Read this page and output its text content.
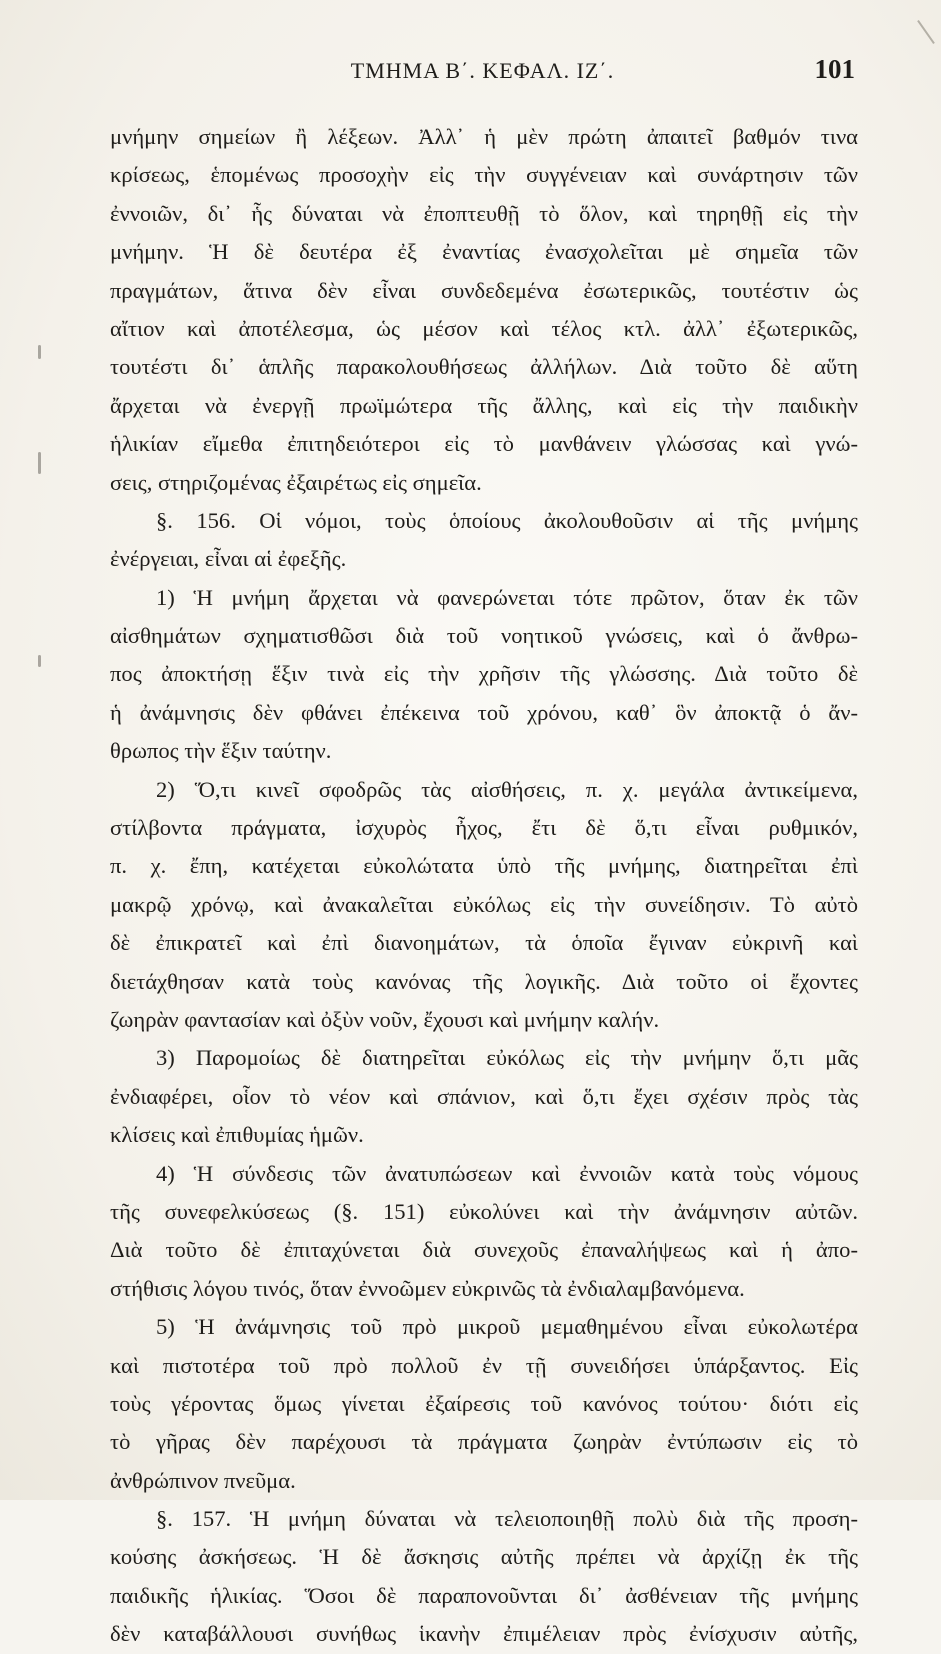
ΤΜΗΜΑ Β΄. ΚΕΦΑΛ. ΙΖ΄.	101
μνήμην σημείων ἢ λέξεων. Ἀλλ᾽ ἡ μὲν πρώτη ἀπαιτεῖ βαθμόν τινα
κρίσεως, ἑπομένως προσοχὴν εἰς τὴν συγγένειαν καὶ συνάρτησιν τῶν
ἐννοιῶν, δι᾽ ἧς δύναται νὰ ἐποπτευθῇ τὸ ὅλον, καὶ τηρηθῇ εἰς τὴν
μνήμην. Ἡ δὲ δευτέρα ἐξ ἐναντίας ἐνασχολεῖται μὲ σημεῖα τῶν
πραγμάτων, ἅτινα δὲν εἶναι συνδεδεμένα ἐσωτερικῶς, τουτέστιν ὡς
αἴτιον καὶ ἀποτέλεσμα, ὡς μέσον καὶ τέλος κτλ. ἀλλ᾽ ἐξωτερικῶς,
τουτέστι δι᾽ ἁπλῆς παρακολουθήσεως ἀλλήλων. Διὰ τοῦτο δὲ αὕτη
ἄρχεται νὰ ἐνεργῇ πρωϊμώτερα τῆς ἄλλης, καὶ εἰς τὴν παιδικὴν
ἡλικίαν εἴμεθα ἐπιτηδειότεροι εἰς τὸ μανθάνειν γλώσσας καὶ γνώ-
σεις, στηριζομένας ἐξαιρέτως εἰς σημεῖα.
§. 156. Οἱ νόμοι, τοὺς ὁποίους ἀκολουθοῦσιν αἱ τῆς μνήμης
ἐνέργειαι, εἶναι αἱ ἐφεξῆς.
1) Ἡ μνήμη ἄρχεται νὰ φανερώνεται τότε πρῶτον, ὅταν ἐκ τῶν
αἰσθημάτων σχηματισθῶσι διὰ τοῦ νοητικοῦ γνώσεις, καὶ ὁ ἄνθρω-
πος ἀποκτήσῃ ἕξιν τινὰ εἰς τὴν χρῆσιν τῆς γλώσσης. Διὰ τοῦτο δὲ
ἡ ἀνάμνησις δὲν φθάνει ἐπέκεινα τοῦ χρόνου, καθ᾽ ὃν ἀποκτᾷ ὁ ἄν-
θρωπος τὴν ἕξιν ταύτην.
2) Ὅ,τι κινεῖ σφοδρῶς τὰς αἰσθήσεις, π. χ. μεγάλα ἀντικείμενα,
στίλβοντα πράγματα, ἰσχυρὸς ἦχος, ἔτι δὲ ὅ,τι εἶναι ρυθμικόν,
π. χ. ἔπη, κατέχεται εὐκολώτατα ὑπὸ τῆς μνήμης, διατηρεῖται ἐπὶ
μακρῷ χρόνῳ, καὶ ἀνακαλεῖται εὐκόλως εἰς τὴν συνείδησιν. Τὸ αὐτὸ
δὲ ἐπικρατεῖ καὶ ἐπὶ διανοημάτων, τὰ ὁποῖα ἔγιναν εὐκρινῆ καὶ
διετάχθησαν κατὰ τοὺς κανόνας τῆς λογικῆς. Διὰ τοῦτο οἱ ἔχοντες
ζωηρὰν φαντασίαν καὶ ὀξὺν νοῦν, ἔχουσι καὶ μνήμην καλήν.
3) Παρομοίως δὲ διατηρεῖται εὐκόλως εἰς τὴν μνήμην ὅ,τι μᾶς
ἐνδιαφέρει, οἷον τὸ νέον καὶ σπάνιον, καὶ ὅ,τι ἔχει σχέσιν πρὸς τὰς
κλίσεις καὶ ἐπιθυμίας ἡμῶν.
4) Ἡ σύνδεσις τῶν ἀνατυπώσεων καὶ ἐννοιῶν κατὰ τοὺς νόμους
τῆς συνεφελκύσεως (§. 151) εὐκολύνει καὶ τὴν ἀνάμνησιν αὐτῶν.
Διὰ τοῦτο δὲ ἐπιταχύνεται διὰ συνεχοῦς ἐπαναλήψεως καὶ ἡ ἀπο-
στήθισις λόγου τινός, ὅταν ἐννοῶμεν εὐκρινῶς τὰ ἐνδιαλαμβανόμενα.
5) Ἡ ἀνάμνησις τοῦ πρὸ μικροῦ μεμαθημένου εἶναι εὐκολωτέρα
καὶ πιστοτέρα τοῦ πρὸ πολλοῦ ἐν τῇ συνειδήσει ὑπάρξαντος. Εἰς
τοὺς γέροντας ὅμως γίνεται ἐξαίρεσις τοῦ κανόνος τούτου· διότι εἰς
τὸ γῆρας δὲν παρέχουσι τὰ πράγματα ζωηρὰν ἐντύπωσιν εἰς τὸ
ἀνθρώπινον πνεῦμα.
§. 157. Ἡ μνήμη δύναται νὰ τελειοποιηθῇ πολὺ διὰ τῆς προση-
κούσης ἀσκήσεως. Ἡ δὲ ἄσκησις αὐτῆς πρέπει νὰ ἀρχίζῃ ἐκ τῆς
παιδικῆς ἡλικίας. Ὅσοι δὲ παραπονοῦνται δι᾽ ἀσθένειαν τῆς μνήμης
δὲν καταβάλλουσι συνήθως ἱκανὴν ἐπιμέλειαν πρὸς ἐνίσχυσιν αὐτῆς,
